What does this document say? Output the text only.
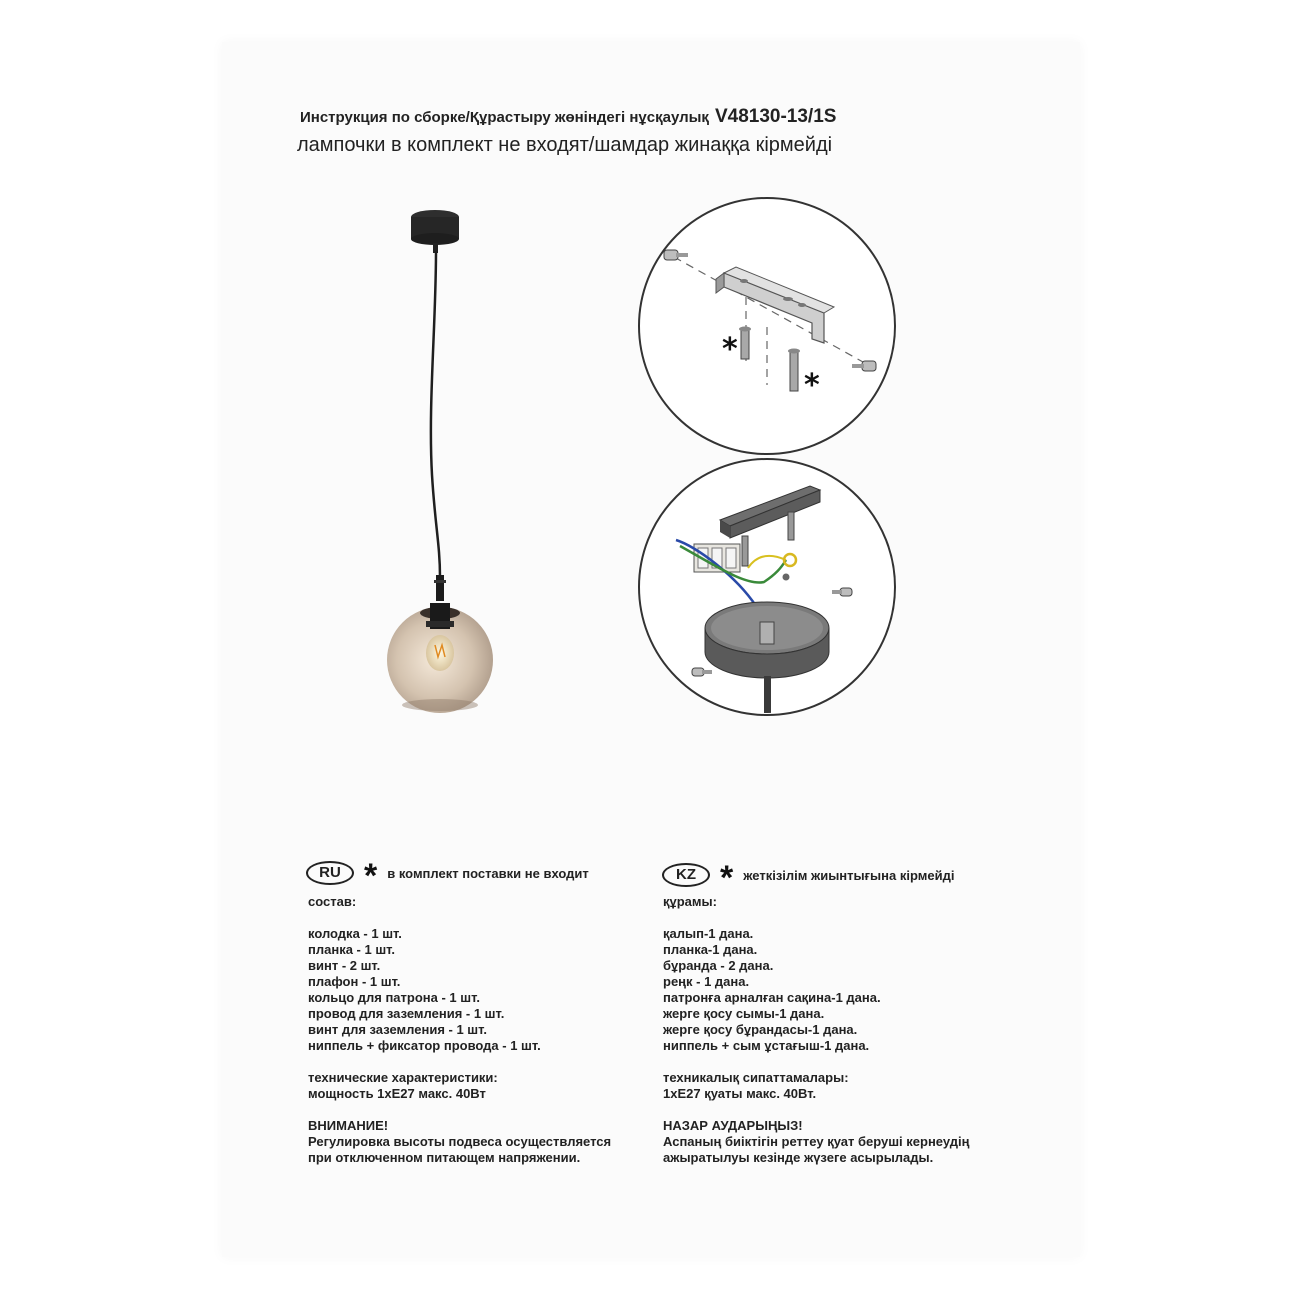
Инструкция по сборке/Құрастыру жөніндегі нұсқаулық V48130-13/1S
лампочки в комплект не входят/шамдар жинаққа кірмейді
*
*
RU * в комплект поставки не входит	KZ * жеткізілім жиынтығына кірмейді
состав:
колодка - 1 шт.
планка - 1 шт.
винт - 2 шт.
плафон - 1 шт.
кольцо для патрона - 1 шт.
провод для заземления - 1 шт.
винт для заземления - 1 шт.
ниппель + фиксатор провода - 1 шт.
технические характеристики:
мощность 1хЕ27 макс. 40Вт
ВНИМАНИЕ!
Регулировка высоты подвеса осуществляется
при отключенном питающем напряжении.
құрамы:
қалып-1 дана.
планка-1 дана.
бұранда - 2 дана.
реңк - 1 дана.
патронға арналған сақина-1 дана.
жерге қосу сымы-1 дана.
жерге қосу бұрандасы-1 дана.
ниппель + сым ұстағыш-1 дана.
техникалық сипаттамалары:
1хЕ27 қуаты макс. 40Вт.
НАЗАР АУДАРЫҢЫЗ!
Аспаның биіктігін реттеу қуат беруші кернеудің
ажыратылуы кезінде жүзеге асырылады.
